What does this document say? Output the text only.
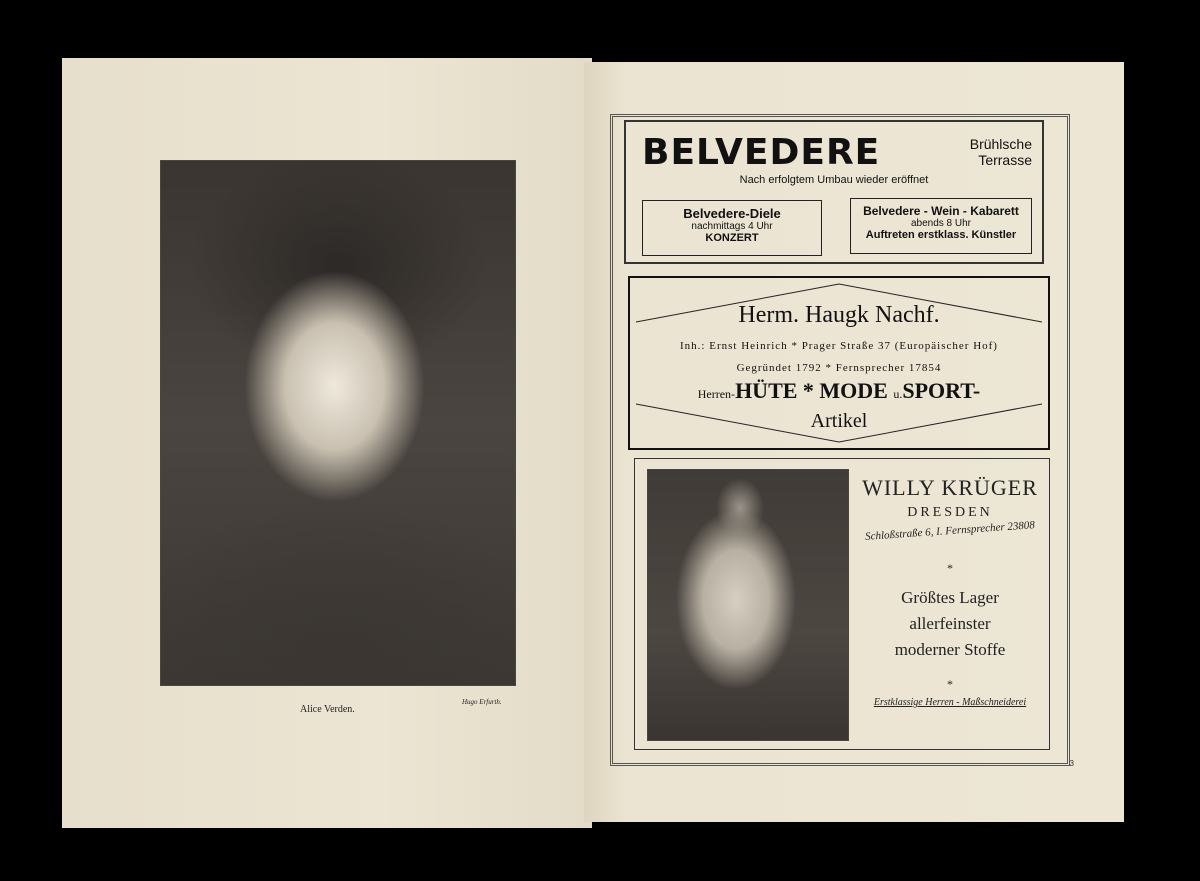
Alice Verden.
Hugo Erfurth.
BELVEDERE	Brühlsche
Terrasse
Nach erfolgtem Umbau wieder eröffnet
Belvedere-Diele
nachmittags 4 Uhr
KONZERT
Belvedere - Wein - Kabarett
abends 8 Uhr
Auftreten erstklass. Künstler
Herm. Haugk Nachf.
Inh.: Ernst Heinrich * Prager Straße 37 (Europäischer Hof)
Gegründet 1792 * Fernsprecher 17854
Herren-HÜTE * MODE u.SPORT-
Artikel
WILLY KRÜGER
DRESDEN
Schloßstraße 6, I. Fernsprecher 23808
*
Größtes Lager
allerfeinster
moderner Stoffe
*
Erstklassige Herren - Maßschneiderei
3
